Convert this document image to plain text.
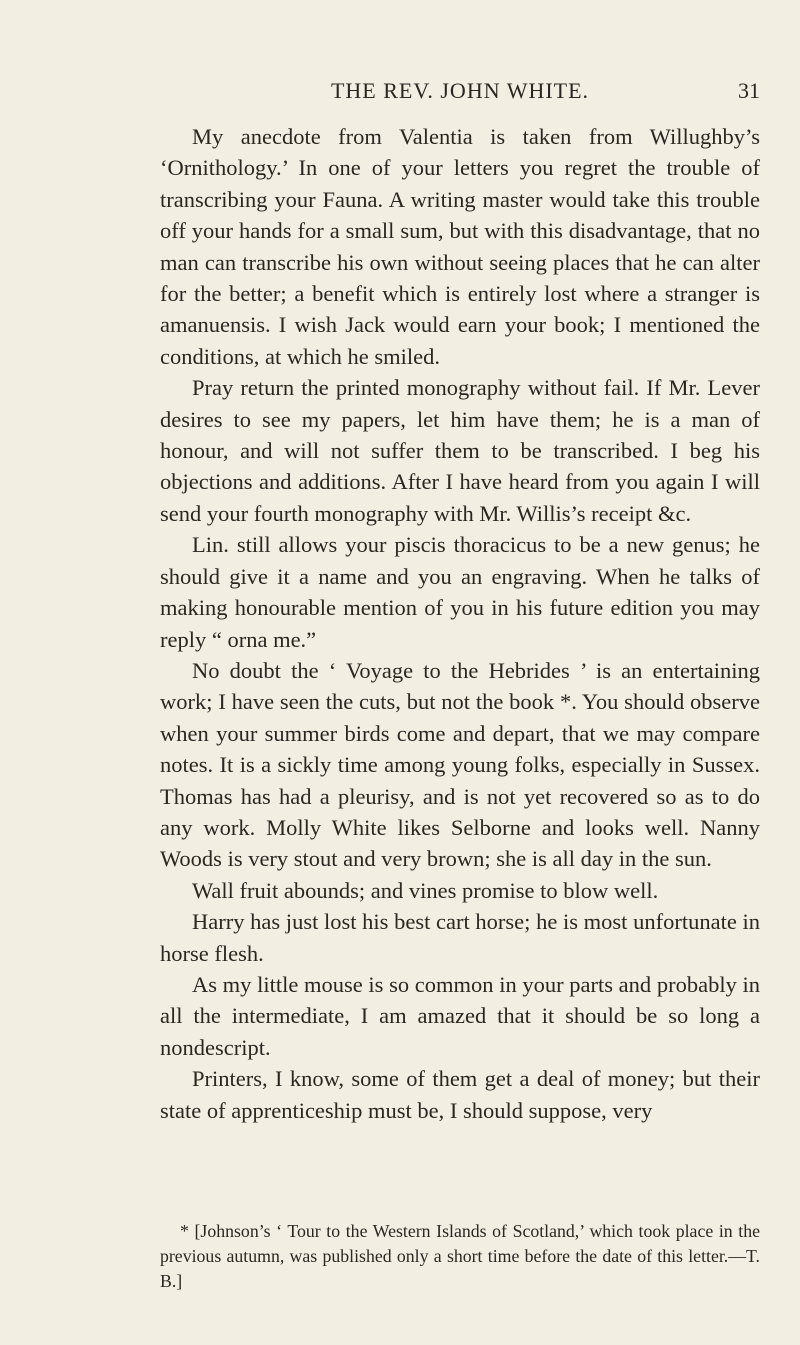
THE REV. JOHN WHITE.	31

My anecdote from Valentia is taken from Willughby’s ‘Ornithology.’ In one of your letters you regret the trouble of transcribing your Fauna. A writing master would take this trouble off your hands for a small sum, but with this disadvantage, that no man can transcribe his own without seeing places that he can alter for the better; a benefit which is entirely lost where a stranger is amanuensis. I wish Jack would earn your book; I mentioned the conditions, at which he smiled.

Pray return the printed monography without fail. If Mr. Lever desires to see my papers, let him have them; he is a man of honour, and will not suffer them to be transcribed. I beg his objections and additions. After I have heard from you again I will send your fourth monography with Mr. Willis’s receipt &c.

Lin. still allows your piscis thoracicus to be a new genus; he should give it a name and you an engraving. When he talks of making honourable mention of you in his future edition you may reply “ orna me.”

No doubt the ‘ Voyage to the Hebrides ’ is an entertaining work; I have seen the cuts, but not the book *. You should observe when your summer birds come and depart, that we may compare notes. It is a sickly time among young folks, especially in Sussex. Thomas has had a pleurisy, and is not yet recovered so as to do any work. Molly White likes Selborne and looks well. Nanny Woods is very stout and very brown; she is all day in the sun.

Wall fruit abounds; and vines promise to blow well.

Harry has just lost his best cart horse; he is most unfortunate in horse flesh.

As my little mouse is so common in your parts and probably in all the intermediate, I am amazed that it should be so long a nondescript.

Printers, I know, some of them get a deal of money; but their state of apprenticeship must be, I should suppose, very

* [Johnson’s ‘ Tour to the Western Islands of Scotland,’ which took place in the previous autumn, was published only a short time before the date of this letter.—T. B.]
